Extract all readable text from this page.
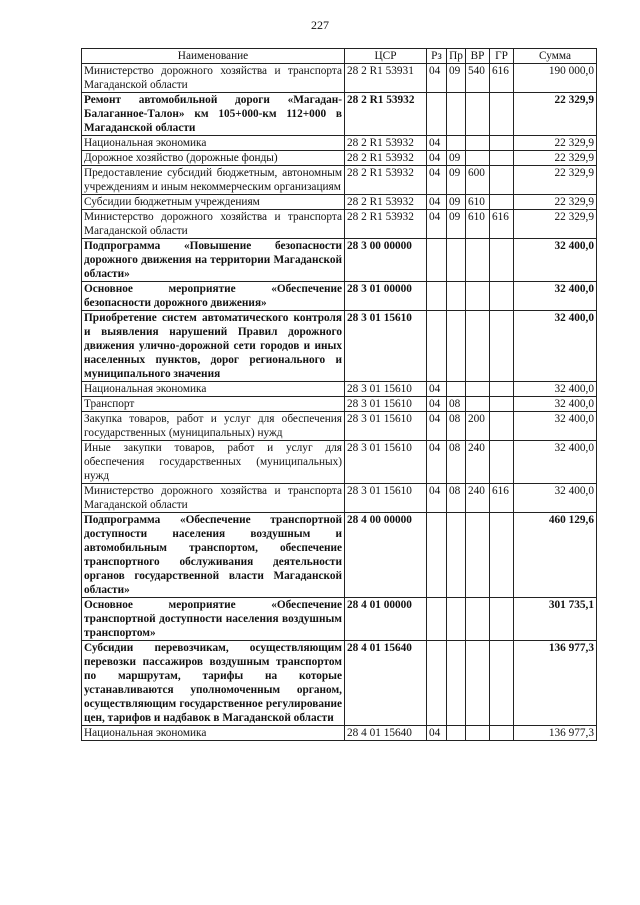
227
Наименование	ЦСР	Рз	Пр	ВР	ГР	Сумма
Министерство дорожного хозяйства и транспорта Магаданской области	28 2 R1 53931	04	09	540	616	190 000,0
Ремонт автомобильной дороги «Магадан-Балаганное-Талон» км 105+000-км 112+000 в Магаданской области	28 2 R1 53932					22 329,9
Национальная экономика	28 2 R1 53932	04				22 329,9
Дорожное хозяйство (дорожные фонды)	28 2 R1 53932	04	09			22 329,9
Предоставление субсидий бюджетным, автономным учреждениям и иным некоммерческим организациям	28 2 R1 53932	04	09	600		22 329,9
Субсидии бюджетным учреждениям	28 2 R1 53932	04	09	610		22 329,9
Министерство дорожного хозяйства и транспорта Магаданской области	28 2 R1 53932	04	09	610	616	22 329,9
Подпрограмма «Повышение безопасности дорожного движения на территории Магаданской области»	28 3 00 00000					32 400,0
Основное мероприятие «Обеспечение безопасности дорожного движения»	28 3 01 00000					32 400,0
Приобретение систем автоматического контроля и выявления нарушений Правил дорожного движения улично-дорожной сети городов и иных населенных пунктов, дорог регионального и муниципального значения	28 3 01 15610					32 400,0
Национальная экономика	28 3 01 15610	04				32 400,0
Транспорт	28 3 01 15610	04	08			32 400,0
Закупка товаров, работ и услуг для обеспечения государственных (муниципальных) нужд	28 3 01 15610	04	08	200		32 400,0
Иные закупки товаров, работ и услуг для обеспечения государственных (муниципальных) нужд	28 3 01 15610	04	08	240		32 400,0
Министерство дорожного хозяйства и транспорта Магаданской области	28 3 01 15610	04	08	240	616	32 400,0
Подпрограмма «Обеспечение транспортной доступности населения воздушным и автомобильным транспортом, обеспечение транспортного обслуживания деятельности органов государственной власти Магаданской области»	28 4 00 00000					460 129,6
Основное мероприятие «Обеспечение транспортной доступности населения воздушным транспортом»	28 4 01 00000					301 735,1
Субсидии перевозчикам, осуществляющим перевозки пассажиров воздушным транспортом по маршрутам, тарифы на которые устанавливаются уполномоченным органом, осуществляющим государственное регулирование цен, тарифов и надбавок в Магаданской области	28 4 01 15640					136 977,3
Национальная экономика	28 4 01 15640	04				136 977,3
